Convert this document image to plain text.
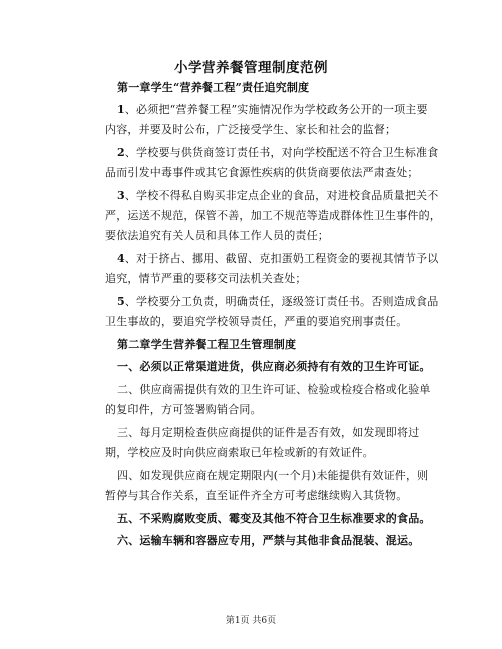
小学营养餐管理制度范例
第一章学生“营养餐工程”责任追究制度
1、必须把“营养餐工程”实施情况作为学校政务公开的一项主要
内容，并要及时公布，广泛接受学生、家长和社会的监督；
2、学校要与供货商签订责任书，对向学校配送不符合卫生标准食
品而引发中毒事件或其它食源性疾病的供货商要依法严肃查处；
3、学校不得私自购买非定点企业的食品，对进校食品质量把关不
严，运送不规范，保管不善，加工不规范等造成群体性卫生事件的，
要依法追究有关人员和具体工作人员的责任；
4、对于挤占、挪用、截留、克扣蛋奶工程资金的要视其情节予以
追究，情节严重的要移交司法机关查处；
5、学校要分工负责，明确责任，逐级签订责任书。否则造成食品
卫生事故的，要追究学校领导责任，严重的要追究刑事责任。
第二章学生营养餐工程卫生管理制度
一、必须以正常渠道进货，供应商必须持有有效的卫生许可证。
二、供应商需提供有效的卫生许可证、检验或检疫合格或化验单
的复印件，方可签署购销合同。
三、每月定期检查供应商提供的证件是否有效，如发现即将过
期，学校应及时向供应商索取已年检或新的有效证件。
四、如发现供应商在规定期限内(一个月)未能提供有效证件，则
暂停与其合作关系，直至证件齐全方可考虑继续购入其货物。
五、不采购腐败变质、霉变及其他不符合卫生标准要求的食品。
六、运输车辆和容器应专用，严禁与其他非食品混装、混运。
第1页 共6页
